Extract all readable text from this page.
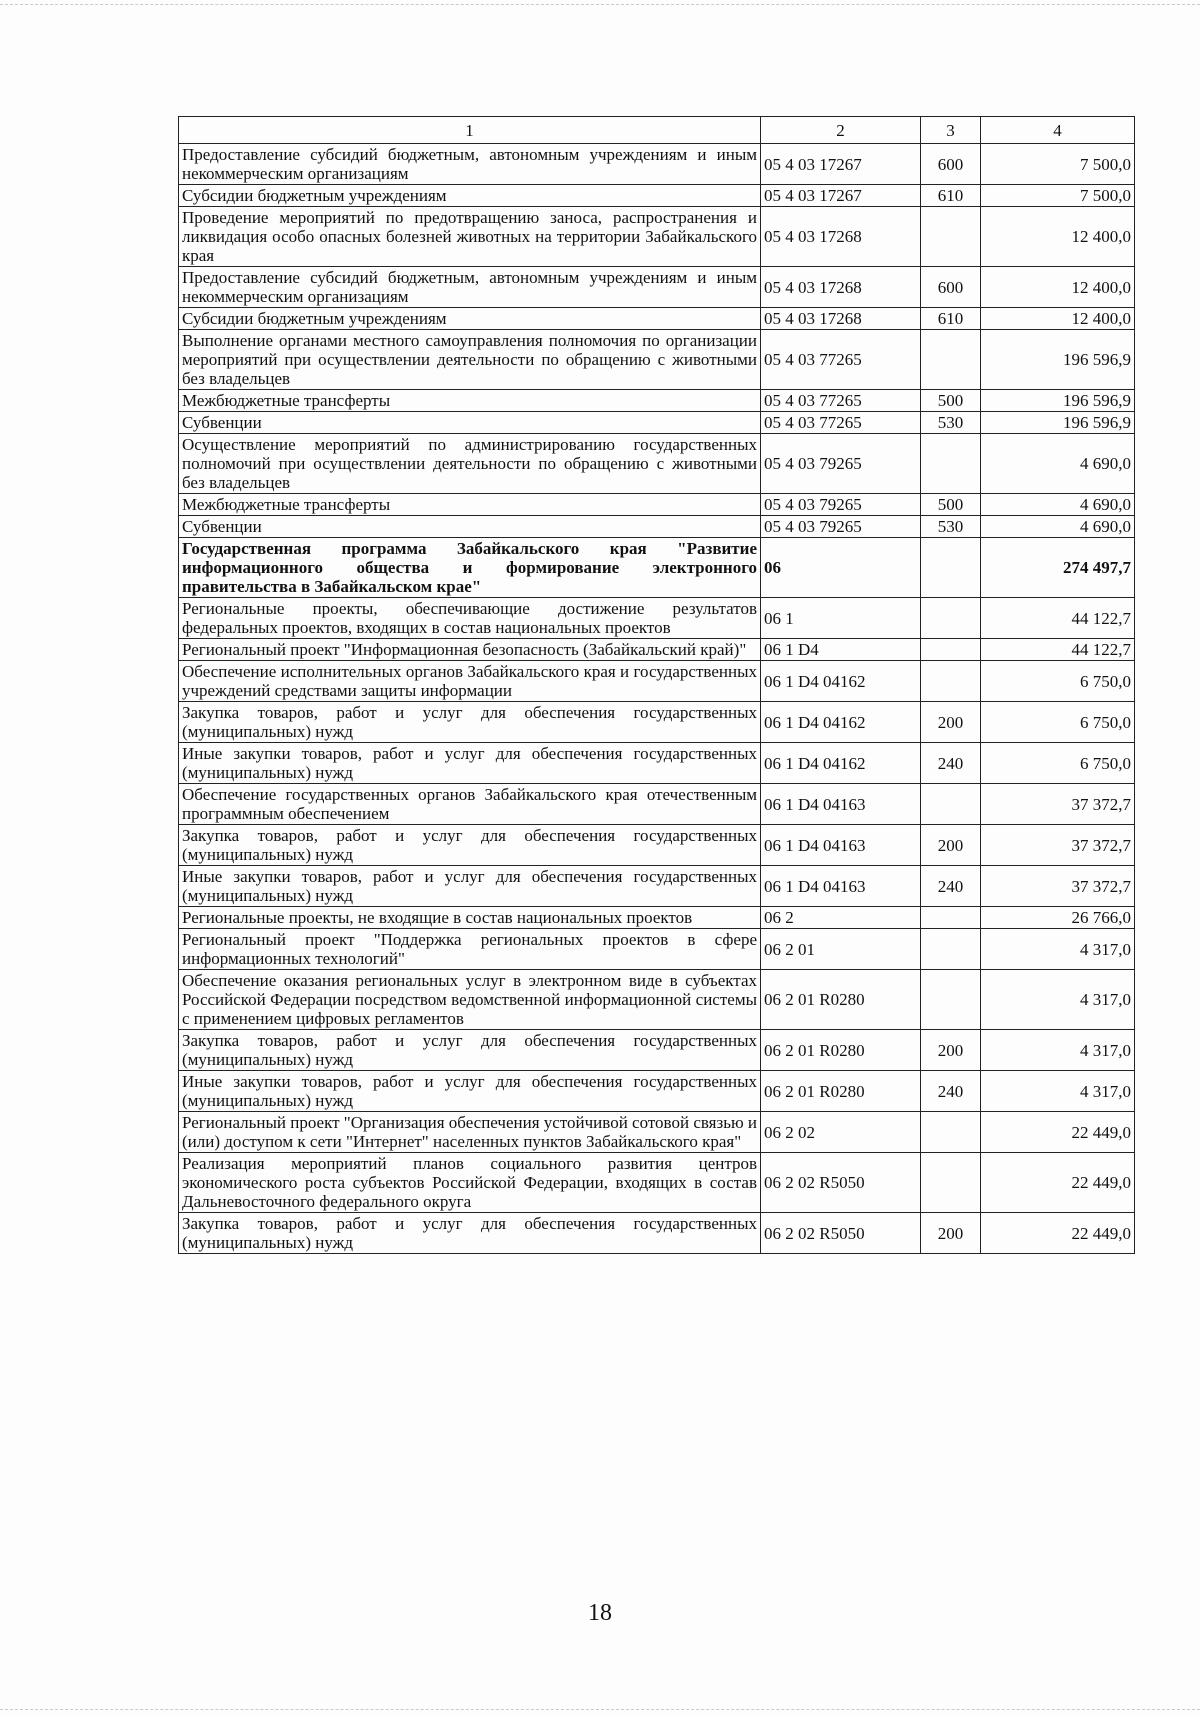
1	2	3	4
Предоставление субсидий бюджетным, автономным учреждениям и иным некоммерческим организациям	05 4 03 17267	600	7 500,0
Субсидии бюджетным учреждениям	05 4 03 17267	610	7 500,0
Проведение мероприятий по предотвращению заноса, распространения и ликвидация особо опасных болезней животных на территории Забайкальского края	05 4 03 17268		12 400,0
Предоставление субсидий бюджетным, автономным учреждениям и иным некоммерческим организациям	05 4 03 17268	600	12 400,0
Субсидии бюджетным учреждениям	05 4 03 17268	610	12 400,0
Выполнение органами местного самоуправления полномочия по организации мероприятий при осуществлении деятельности по обращению с животными без владельцев	05 4 03 77265		196 596,9
Межбюджетные трансферты	05 4 03 77265	500	196 596,9
Субвенции	05 4 03 77265	530	196 596,9
Осуществление мероприятий по администрированию государственных полномочий при осуществлении деятельности по обращению с животными без владельцев	05 4 03 79265		4 690,0
Межбюджетные трансферты	05 4 03 79265	500	4 690,0
Субвенции	05 4 03 79265	530	4 690,0
Государственная программа Забайкальского края "Развитие информационного общества и формирование электронного правительства в Забайкальском крае"	06		274 497,7
Региональные проекты, обеспечивающие достижение результатов федеральных проектов, входящих в состав национальных проектов	06 1		44 122,7
Региональный проект "Информационная безопасность (Забайкальский край)"	06 1 D4		44 122,7
Обеспечение исполнительных органов Забайкальского края и государственных учреждений средствами защиты информации	06 1 D4 04162		6 750,0
Закупка товаров, работ и услуг для обеспечения государственных (муниципальных) нужд	06 1 D4 04162	200	6 750,0
Иные закупки товаров, работ и услуг для обеспечения государственных (муниципальных) нужд	06 1 D4 04162	240	6 750,0
Обеспечение государственных органов Забайкальского края отечественным программным обеспечением	06 1 D4 04163		37 372,7
Закупка товаров, работ и услуг для обеспечения государственных (муниципальных) нужд	06 1 D4 04163	200	37 372,7
Иные закупки товаров, работ и услуг для обеспечения государственных (муниципальных) нужд	06 1 D4 04163	240	37 372,7
Региональные проекты, не входящие в состав национальных проектов	06 2		26 766,0
Региональный проект "Поддержка региональных проектов в сфере информационных технологий"	06 2 01		4 317,0
Обеспечение оказания региональных услуг в электронном виде в субъектах Российской Федерации посредством ведомственной информационной системы с применением цифровых регламентов	06 2 01 R0280		4 317,0
Закупка товаров, работ и услуг для обеспечения государственных (муниципальных) нужд	06 2 01 R0280	200	4 317,0
Иные закупки товаров, работ и услуг для обеспечения государственных (муниципальных) нужд	06 2 01 R0280	240	4 317,0
Региональный проект "Организация обеспечения устойчивой сотовой связью и (или) доступом к сети "Интернет" населенных пунктов Забайкальского края"	06 2 02		22 449,0
Реализация мероприятий планов социального развития центров экономического роста субъектов Российской Федерации, входящих в состав Дальневосточного федерального округа	06 2 02 R5050		22 449,0
Закупка товаров, работ и услуг для обеспечения государственных (муниципальных) нужд	06 2 02 R5050	200	22 449,0
18
